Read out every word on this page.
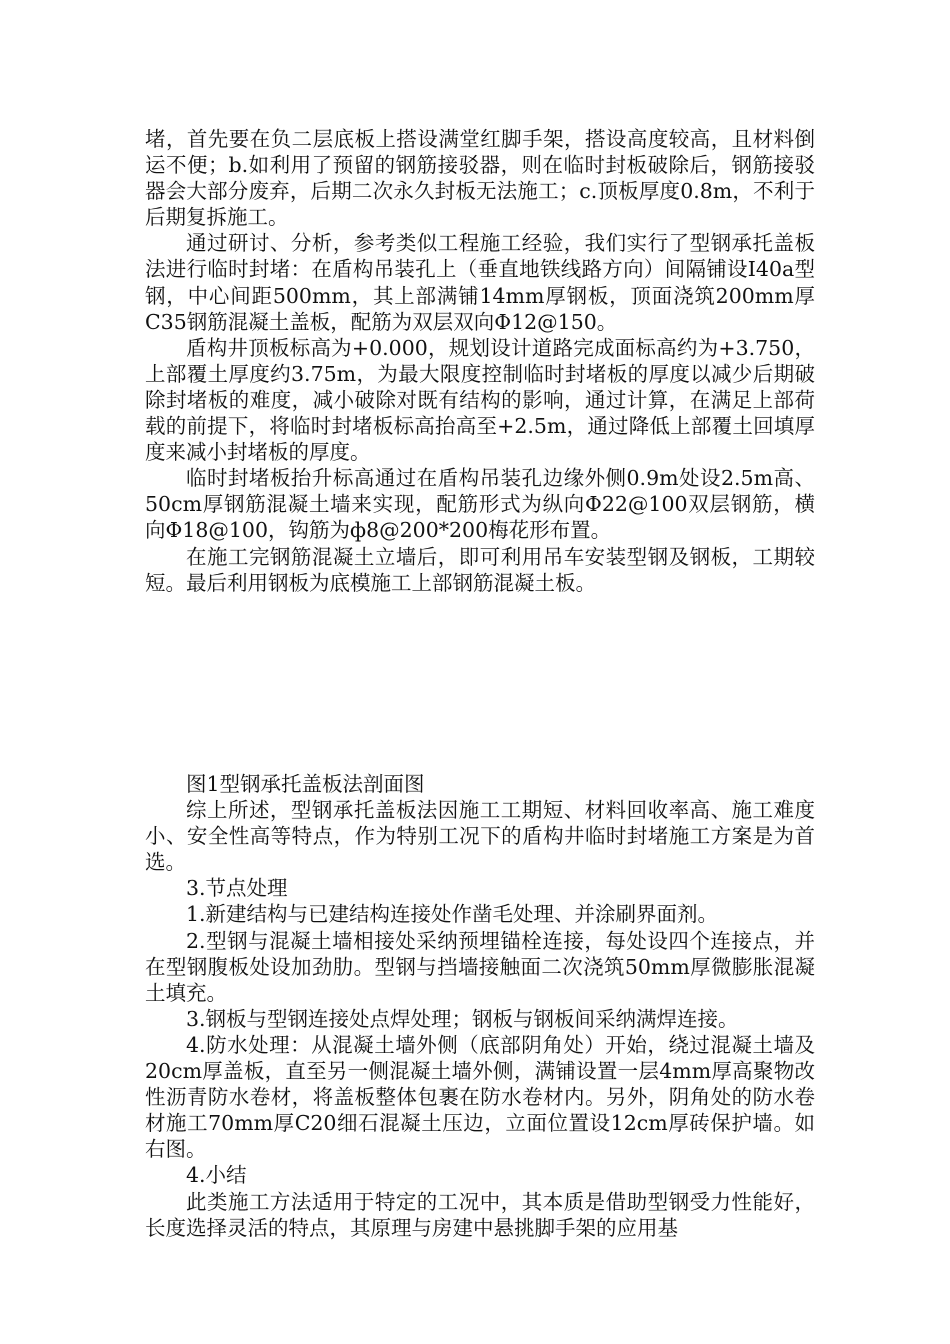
堵，首先要在负二层底板上搭设满堂红脚手架，搭设高度较高，且材料倒运不便；b.如利用了预留的钢筋接驳器，则在临时封板破除后，钢筋接驳器会大部分废弃，后期二次永久封板无法施工；c.顶板厚度0.8m，不利于后期复拆施工。

通过研讨、分析，参考类似工程施工经验，我们实行了型钢承托盖板法进行临时封堵：在盾构吊装孔上（垂直地铁线路方向）间隔铺设I40a型钢，中心间距500mm，其上部满铺14mm厚钢板，顶面浇筑200mm厚C35钢筋混凝土盖板，配筋为双层双向Φ12@150。

盾构井顶板标高为+0.000，规划设计道路完成面标高约为+3.750，上部覆土厚度约3.75m，为最大限度控制临时封堵板的厚度以减少后期破除封堵板的难度，减小破除对既有结构的影响，通过计算，在满足上部荷载的前提下，将临时封堵板标高抬高至+2.5m，通过降低上部覆土回填厚度来减小封堵板的厚度。

临时封堵板抬升标高通过在盾构吊装孔边缘外侧0.9m处设2.5m高、50cm厚钢筋混凝土墙来实现，配筋形式为纵向Φ22@100双层钢筋，横向Φ18@100，钩筋为ф8@200*200梅花形布置。

在施工完钢筋混凝土立墙后，即可利用吊车安装型钢及钢板，工期较短。最后利用钢板为底模施工上部钢筋混凝土板。

图1型钢承托盖板法剖面图

综上所述，型钢承托盖板法因施工工期短、材料回收率高、施工难度小、安全性高等特点，作为特别工况下的盾构井临时封堵施工方案是为首选。

3.节点处理

1.新建结构与已建结构连接处作凿毛处理、并涂刷界面剂。

2.型钢与混凝土墙相接处采纳预埋锚栓连接，每处设四个连接点，并在型钢腹板处设加劲肋。型钢与挡墙接触面二次浇筑50mm厚微膨胀混凝土填充。

3.钢板与型钢连接处点焊处理；钢板与钢板间采纳满焊连接。

4.防水处理：从混凝土墙外侧（底部阴角处）开始，绕过混凝土墙及20cm厚盖板，直至另一侧混凝土墙外侧，满铺设置一层4mm厚高聚物改性沥青防水卷材，将盖板整体包裹在防水卷材内。另外，阴角处的防水卷材施工70mm厚C20细石混凝土压边，立面位置设12cm厚砖保护墙。如右图。

4.小结

此类施工方法适用于特定的工况中，其本质是借助型钢受力性能好，长度选择灵活的特点，其原理与房建中悬挑脚手架的应用基
